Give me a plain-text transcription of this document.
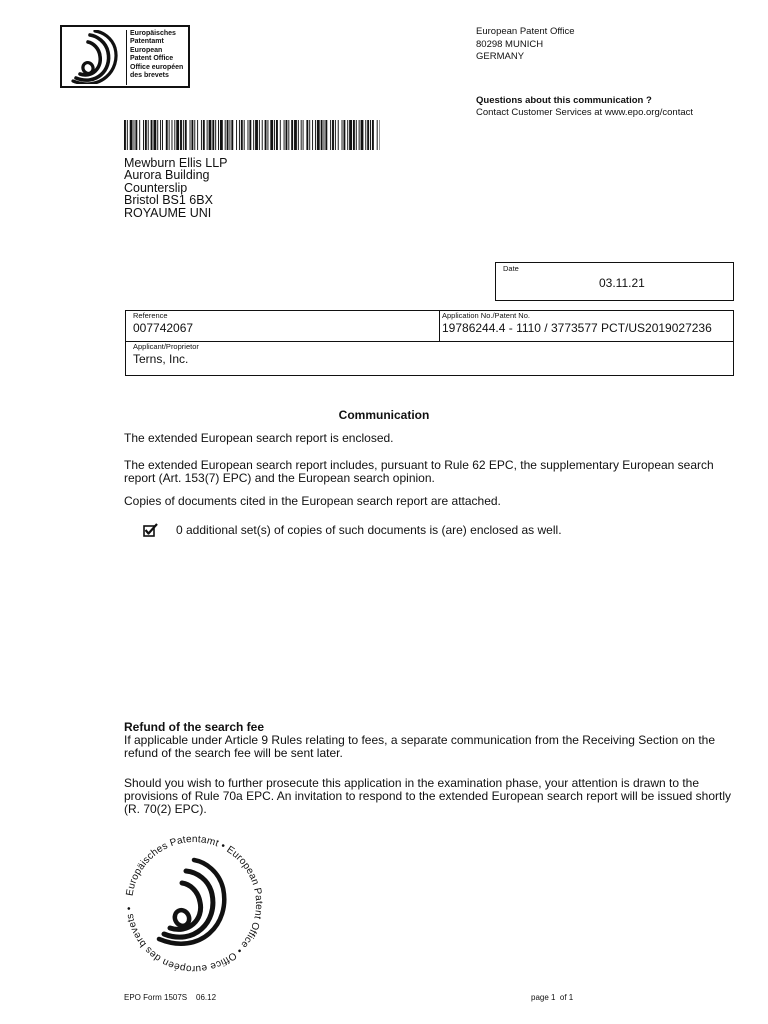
Europäisches
Patentamt
European
Patent Office
Office européen
des brevets
European Patent Office
80298 MUNICH
GERMANY
Questions about this communication ?
Contact Customer Services at www.epo.org/contact
Mewburn Ellis LLP
Aurora Building
Counterslip
Bristol BS1 6BX
ROYAUME UNI
Date
03.11.21
Reference
007742067
Application No./Patent No.
19786244.4 - 1110 / 3773577 PCT/US2019027236
Applicant/Proprietor
Terns, Inc.
Communication
The extended European search report is enclosed.
The extended European search report includes, pursuant to Rule 62 EPC, the supplementary European search report (Art. 153(7) EPC) and the European search opinion.
Copies of documents cited in the European search report are attached.
0 additional set(s) of copies of such documents is (are) enclosed as well.
Refund of the search fee
If applicable under Article 9 Rules relating to fees, a separate communication from the Receiving Section on the refund of the search fee will be sent later.
Should you wish to further prosecute this application in the examination phase, your attention is drawn to the provisions of Rule 70a EPC. An invitation to respond to the extended European search report will be issued shortly (R. 70(2) EPC).
Europäisches Patentamt • European Patent Office • Office européen des brevets •
EPO Form 1507S    06.12	page 1  of 1
